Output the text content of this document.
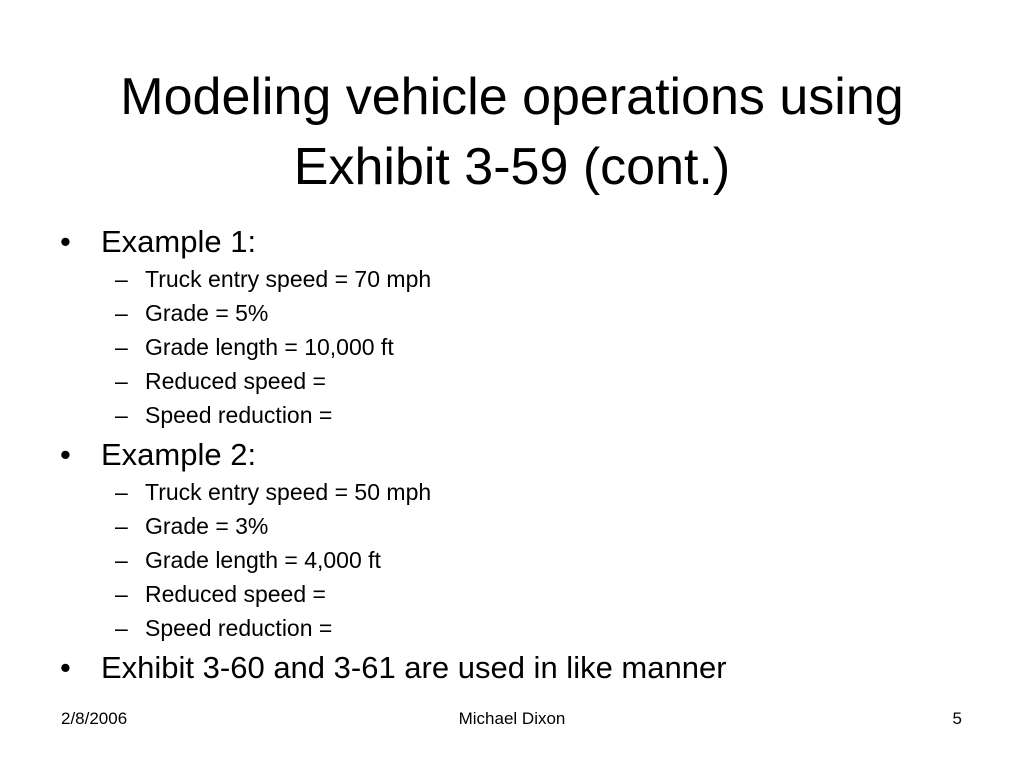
Modeling vehicle operations using
Exhibit 3-59 (cont.)
• Example 1:
– Truck entry speed = 70 mph
– Grade = 5%
– Grade length = 10,000 ft
– Reduced speed =
– Speed reduction =
• Example 2:
– Truck entry speed = 50 mph
– Grade = 3%
– Grade length = 4,000 ft
– Reduced speed =
– Speed reduction =
• Exhibit 3-60 and 3-61 are used in like manner
Michael Dixon
2/8/2006	5
